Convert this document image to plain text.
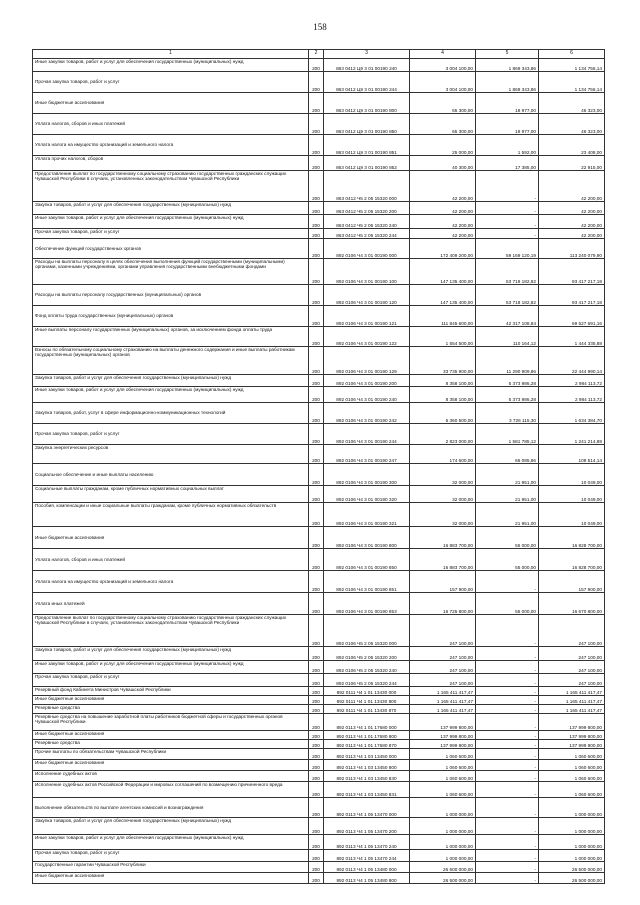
158
1	2	3	4	5	6

Иные закупки товаров, работ и услуг для обеспечения государственных (муниципальных) нужд	200	863 0412 Ц9 3 01 00190 240	3 004 100,00	1 869 343,86	1 134 756,14

Прочая закупка товаров, работ и услуг	200	863 0412 Ц9 3 01 00190 244	3 004 100,00	1 869 343,86	1 134 756,14

Иные бюджетные ассигнования	200	863 0412 Ц9 3 01 00190 800	65 300,00	18 977,00	46 323,00

Уплата налогов, сборов и иных платежей	200	863 0412 Ц9 3 01 00190 850	65 300,00	18 977,00	46 323,00

Уплата налога на имущество организаций и земельного налога	200	863 0412 Ц9 3 01 00190 851	25 000,00	1 592,00	23 408,00

Уплата прочих налогов, сборов	200	863 0412 Ц9 3 01 00190 852	40 300,00	17 385,00	22 915,00

Предоставление выплат по государственному социальному страхованию государственных гражданских служащих Чувашской Республики в случаях, установленных законодательством Чувашской Республики	200	863 0412 Ч5 2 05 15320 000	42 200,00	-	42 200,00

Закупка товаров, работ и услуг для обеспечения государственных (муниципальных) нужд	200	863 0412 Ч5 2 05 15320 200	42 200,00	-	42 200,00

Иные закупки товаров, работ и услуг для обеспечения государственных (муниципальных) нужд	200	863 0412 Ч5 2 05 15320 240	42 200,00	-	42 200,00

Прочая закупка товаров, работ и услуг	200	863 0412 Ч5 2 05 15320 244	42 200,00	-	42 200,00

Обеспечение функций государственных органов	200	892 0106 Ч4 3 01 00190 000	172 409 200,00	59 169 120,19	113 240 079,90

Расходы на выплаты персоналу в целях обеспечения выполнения функций государственными (муниципальными) органами, казенными учреждениями, органами управления государственными внебюджетными фондами	200	892 0106 Ч4 3 01 00190 100	147 135 400,00	53 718 182,82	93 417 217,18

Расходы на выплаты персоналу государственных (муниципальных) органов	200	892 0106 Ч4 3 01 00190 120	147 135 400,00	53 718 182,82	93 417 217,18

Фонд оплаты труда государственных (муниципальных) органов	200	892 0106 Ч4 3 01 00190 121	111 845 600,00	42 317 108,84	69 527 691,16

Иные выплаты персоналу государственных (муниципальных) органов, за исключением фонда оплаты труда	200	892 0106 Ч4 3 01 00190 122	1 554 500,00	110 164,12	1 444 335,88

Взносы по обязательному социальному страхованию на выплаты денежного содержания и иные выплаты работникам государственных (муниципальных) органов	200	892 0106 Ч4 3 01 00190 129	33 735 900,00	11 290 909,86	22 444 990,14

Закупка товаров, работ и услуг для обеспечения государственных (муниципальных) нужд	200	892 0106 Ч4 3 01 00190 200	8 358 100,00	5 373 986,28	2 984 113,72

Иные закупки товаров, работ и услуг для обеспечения государственных (муниципальных) нужд	200	892 0106 Ч4 3 01 00190 240	8 358 100,00	5 373 986,28	2 984 113,72

Закупка товаров, работ, услуг в сфере информационно-коммуникационных технологий	200	892 0106 Ч4 3 01 00190 242	5 360 500,00	3 726 115,30	1 634 384,70

Прочая закупка товаров, работ и услуг	200	892 0106 Ч4 3 01 00190 244	2 823 000,00	1 581 785,12	1 241 214,88

Закупка энергетических ресурсов	200	892 0106 Ч4 3 01 00190 247	174 600,00	66 085,86	108 514,14

Социальное обеспечение и иные выплаты населению	200	892 0106 Ч4 3 01 00190 300	32 000,00	21 951,00	10 049,00

Социальные выплаты гражданам, кроме публичных нормативных социальных выплат	200	892 0106 Ч4 3 01 00190 320	32 000,00	21 951,00	10 049,00

Пособия, компенсации и иные социальные выплаты гражданам, кроме публичных нормативных обязательств	200	892 0106 Ч4 3 01 00190 321	32 000,00	21 951,00	10 049,00

Иные бюджетные ассигнования	200	892 0106 Ч4 3 01 00190 800	16 883 700,00	55 000,00	16 828 700,00

Уплата налогов, сборов и иных платежей	200	892 0106 Ч4 3 01 00190 850	16 883 700,00	55 000,00	16 828 700,00

Уплата налога на имущество организаций и земельного налога	200	892 0106 Ч4 3 01 00190 851	157 900,00	-	157 900,00

Уплата иных платежей	200	892 0106 Ч4 3 01 00190 853	16 725 800,00	55 000,00	16 670 800,00

Предоставление выплат по государственному социальному страхованию государственных гражданских служащих Чувашской Республики в случаях, установленных законодательством Чувашской Республики	200	892 0106 Ч5 2 05 15320 000	247 100,00	-	247 100,00

Закупка товаров, работ и услуг для обеспечения государственных (муниципальных) нужд	200	892 0106 Ч5 2 05 15320 200	247 100,00	-	247 100,00

Иные закупки товаров, работ и услуг для обеспечения государственных (муниципальных) нужд	200	892 0106 Ч5 2 05 15320 240	247 100,00	-	247 100,00

Прочая закупка товаров, работ и услуг	200	892 0106 Ч5 2 05 15320 244	247 100,00	-	247 100,00

Резервный фонд Кабинета Министров Чувашской Республики	200	892 0111 Ч4 1 01 13430 000	1 165 411 417,47	-	1 165 411 417,47

Иные бюджетные ассигнования	200	892 0111 Ч4 1 01 13430 800	1 165 411 417,47	-	1 165 411 417,47

Резервные средства	200	892 0111 Ч4 1 01 13430 870	1 165 411 417,47	-	1 165 411 417,47

Резервные средства на повышение заработной платы работников бюджетной сферы и государственных органов Чувашской Республики	200	892 0113 Ч4 1 01 17680 000	137 999 800,00	-	137 999 800,00

Иные бюджетные ассигнования	200	892 0113 Ч4 1 01 17680 800	137 999 800,00	-	137 999 800,00

Резервные средства	200	892 0113 Ч4 1 01 17680 870	137 999 800,00	-	137 999 800,00

Прочие выплаты по обязательствам Чувашской Республики	200	892 0113 Ч4 1 03 13450 000	1 060 600,00	-	1 060 600,00

Иные бюджетные ассигнования	200	892 0113 Ч4 1 03 13450 800	1 060 600,00	-	1 060 600,00

Исполнение судебных актов	200	892 0113 Ч4 1 03 13450 830	1 060 600,00	-	1 060 600,00

Исполнение судебных актов Российской Федерации и мировых соглашений по возмещению причиненного вреда	200	892 0113 Ч4 1 03 13450 831	1 060 600,00	-	1 060 600,00

Выполнение обязательств по выплате агентских комиссий и вознаграждения	200	892 0113 Ч4 1 05 13470 000	1 000 000,00	-	1 000 000,00

Закупка товаров, работ и услуг для обеспечения государственных (муниципальных) нужд	200	892 0113 Ч4 1 05 13470 200	1 000 000,00	-	1 000 000,00

Иные закупки товаров, работ и услуг для обеспечения государственных (муниципальных) нужд	200	892 0113 Ч4 1 05 13470 240	1 000 000,00	-	1 000 000,00

Прочая закупка товаров, работ и услуг	200	892 0113 Ч4 1 05 13470 244	1 000 000,00	-	1 000 000,00

Государственные гарантии Чувашской Республики	200	892 0113 Ч4 1 05 13480 000	26 500 000,00	-	26 500 000,00

Иные бюджетные ассигнования	200	892 0113 Ч4 1 05 13480 800	26 500 000,00	-	26 500 000,00
